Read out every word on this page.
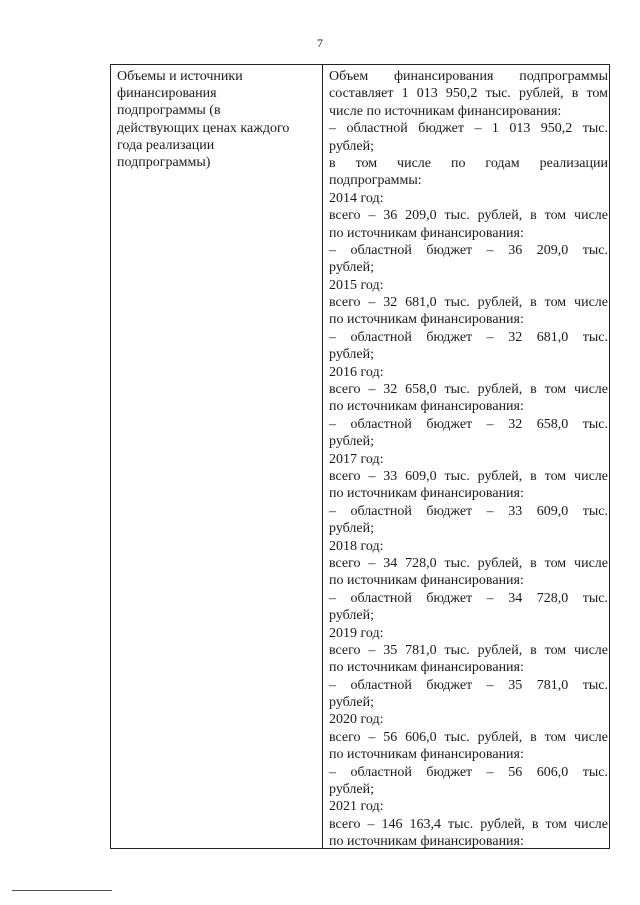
7
Объемы и источники
финансирования
подпрограммы (в
действующих ценах каждого
года реализации
подпрограммы)
Объем финансирования подпрограммы
составляет 1 013 950,2 тыс. рублей, в том
числе по источникам финансирования:
– областной бюджет – 1 013 950,2 тыс.
рублей;
в том числе по годам реализации
подпрограммы:
2014 год:
всего – 36 209,0 тыс. рублей, в том числе
по источникам финансирования:
– областной бюджет – 36 209,0 тыс.
рублей;
2015 год:
всего – 32 681,0 тыс. рублей, в том числе
по источникам финансирования:
– областной бюджет – 32 681,0 тыс.
рублей;
2016 год:
всего – 32 658,0 тыс. рублей, в том числе
по источникам финансирования:
– областной бюджет – 32 658,0 тыс.
рублей;
2017 год:
всего – 33 609,0 тыс. рублей, в том числе
по источникам финансирования:
– областной бюджет – 33 609,0 тыс.
рублей;
2018 год:
всего – 34 728,0 тыс. рублей, в том числе
по источникам финансирования:
– областной бюджет – 34 728,0 тыс.
рублей;
2019 год:
всего – 35 781,0 тыс. рублей, в том числе
по источникам финансирования:
– областной бюджет – 35 781,0 тыс.
рублей;
2020 год:
всего – 56 606,0 тыс. рублей, в том числе
по источникам финансирования:
– областной бюджет – 56 606,0 тыс.
рублей;
2021 год:
всего – 146 163,4 тыс. рублей, в том числе
по источникам финансирования:
